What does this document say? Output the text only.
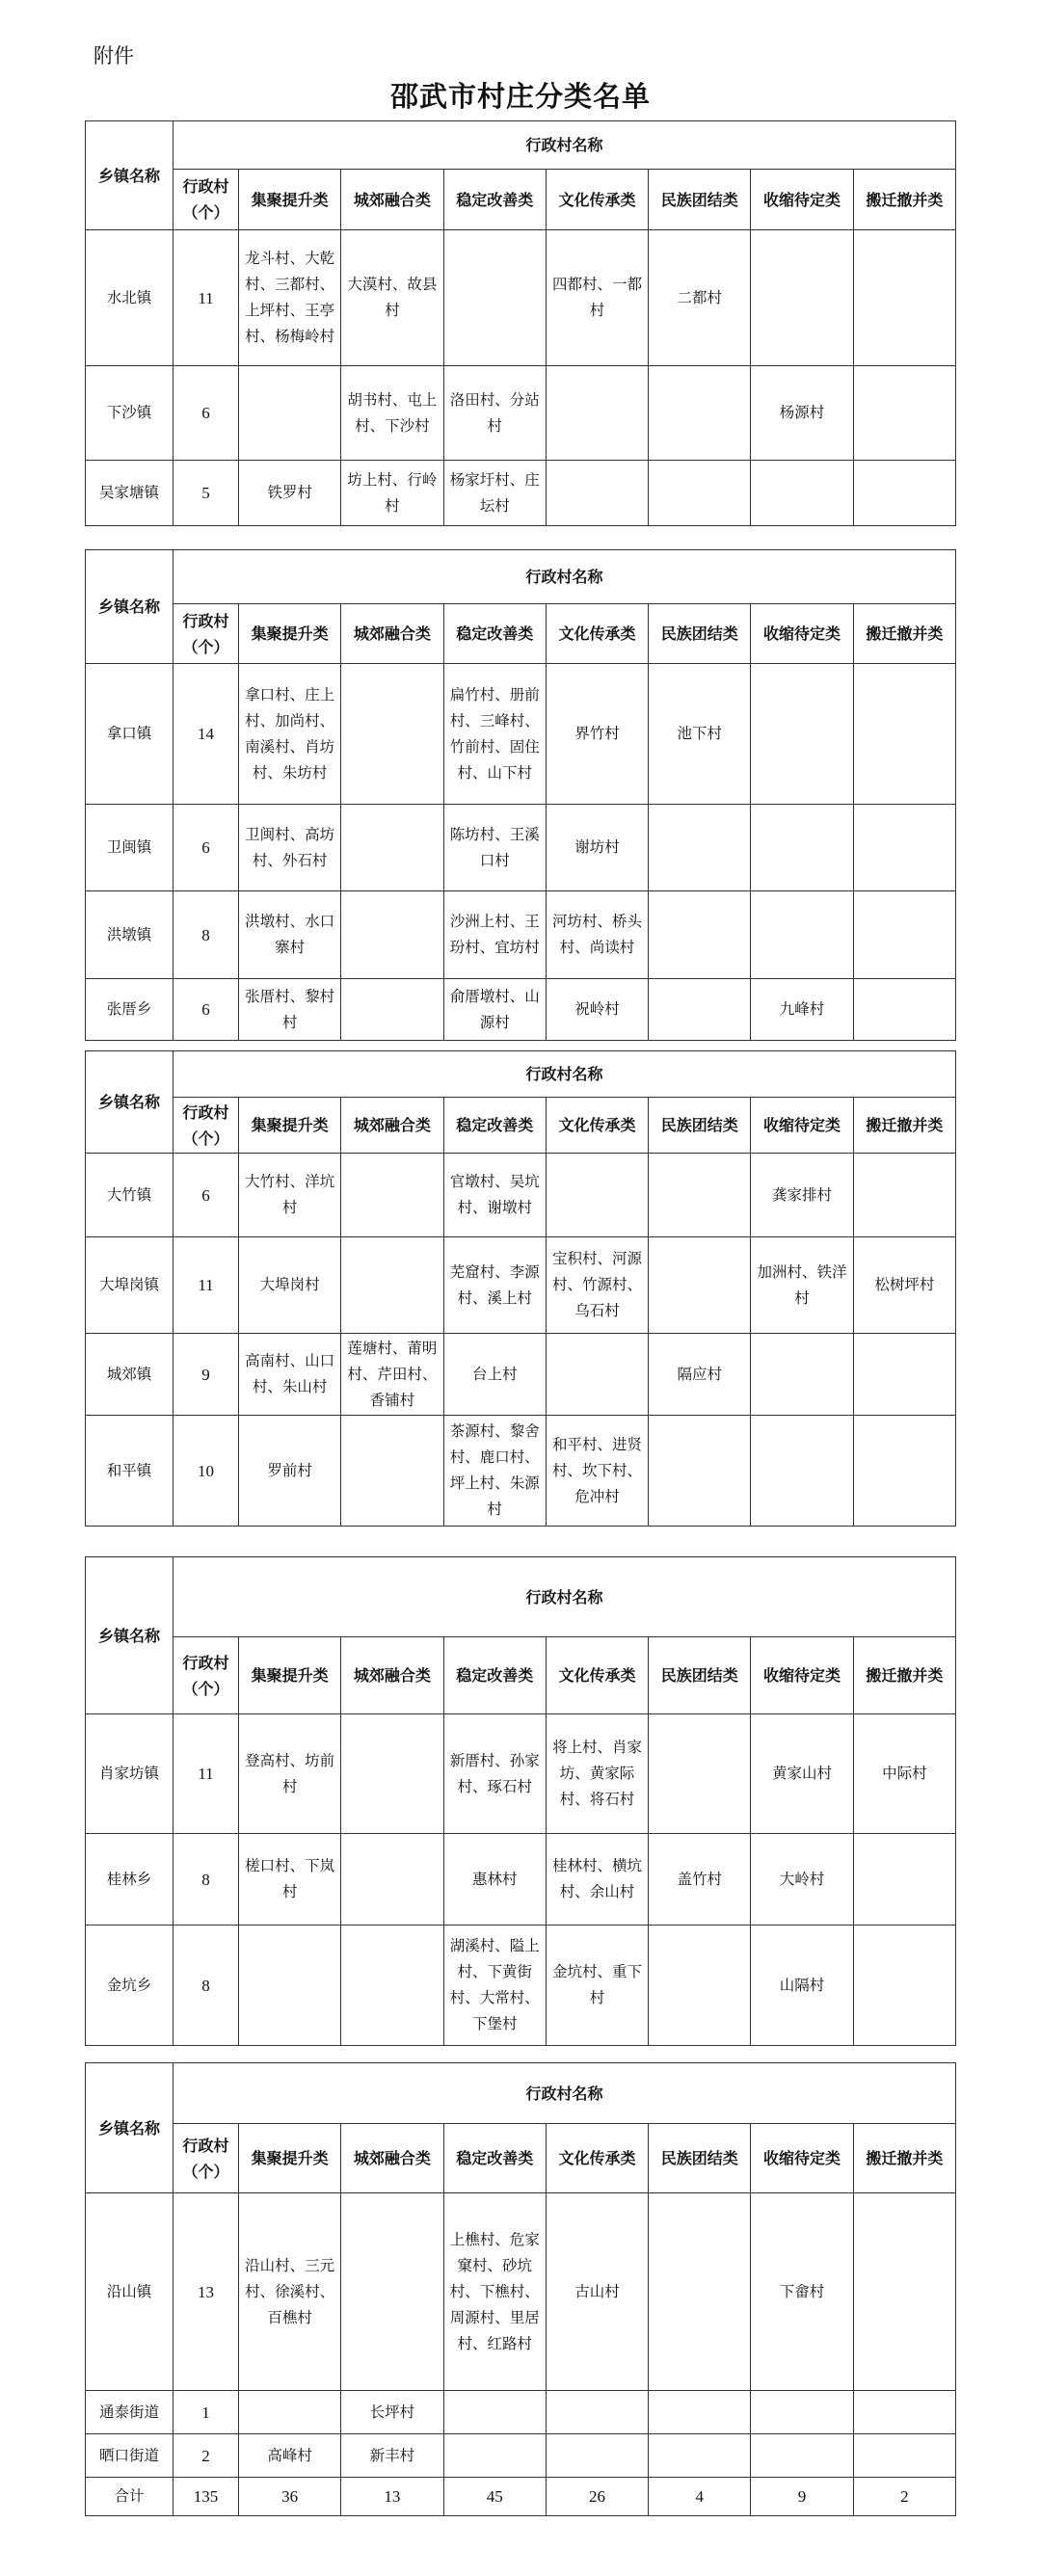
附件
邵武市村庄分类名单
乡镇名称	行政村名称							
	行政村（个）	集聚提升类	城郊融合类	稳定改善类	文化传承类	民族团结类	收缩待定类	搬迁撤并类
水北镇	11	龙斗村、大乾村、三都村、上坪村、王亭村、杨梅岭村	大漠村、故县村		四都村、一都村	二都村		
下沙镇	6		胡书村、屯上村、下沙村	洛田村、分站村			杨源村	
吴家塘镇	5	铁罗村	坊上村、行岭村	杨家圩村、庄坛村				
乡镇名称	行政村名称							
	行政村（个）	集聚提升类	城郊融合类	稳定改善类	文化传承类	民族团结类	收缩待定类	搬迁撤并类
拿口镇	14	拿口村、庄上村、加尚村、南溪村、肖坊村、朱坊村		扁竹村、册前村、三峰村、竹前村、固住村、山下村	界竹村	池下村		
卫闽镇	6	卫闽村、高坊村、外石村		陈坊村、王溪口村	谢坊村			
洪墩镇	8	洪墩村、水口寨村		沙洲上村、王玢村、宜坊村	河坊村、桥头村、尚读村			
张厝乡	6	张厝村、黎村村		俞厝墩村、山源村	祝岭村		九峰村	
乡镇名称	行政村名称							
	行政村（个）	集聚提升类	城郊融合类	稳定改善类	文化传承类	民族团结类	收缩待定类	搬迁撤并类
大竹镇	6	大竹村、洋坑村		官墩村、吴坑村、谢墩村			龚家排村	
大埠岗镇	11	大埠岗村		芜窟村、李源村、溪上村	宝积村、河源村、竹源村、乌石村		加洲村、铁洋村	松树坪村
城郊镇	9	高南村、山口村、朱山村	莲塘村、莆明村、芹田村、香铺村	台上村		隔应村		
和平镇	10	罗前村		茶源村、黎舍村、鹿口村、坪上村、朱源村	和平村、进贤村、坎下村、危冲村			
乡镇名称	行政村名称							
	行政村（个）	集聚提升类	城郊融合类	稳定改善类	文化传承类	民族团结类	收缩待定类	搬迁撤并类
肖家坊镇	11	登高村、坊前村		新厝村、孙家村、琢石村	将上村、肖家坊、黄家际村、将石村		黄家山村	中际村
桂林乡	8	槎口村、下岚村		惠林村	桂林村、横坑村、余山村	盖竹村	大岭村	
金坑乡	8			湖溪村、隘上村、下黄街村、大常村、下堡村	金坑村、重下村		山隔村	
乡镇名称	行政村名称							
	行政村（个）	集聚提升类	城郊融合类	稳定改善类	文化传承类	民族团结类	收缩待定类	搬迁撤并类
沿山镇	13	沿山村、三元村、徐溪村、百樵村		上樵村、危家窠村、砂坑村、下樵村、周源村、里居村、红路村	古山村		下畲村	
通泰街道	1		长坪村					
晒口街道	2	高峰村	新丰村					
合计	135	36	13	45	26	4	9	2
